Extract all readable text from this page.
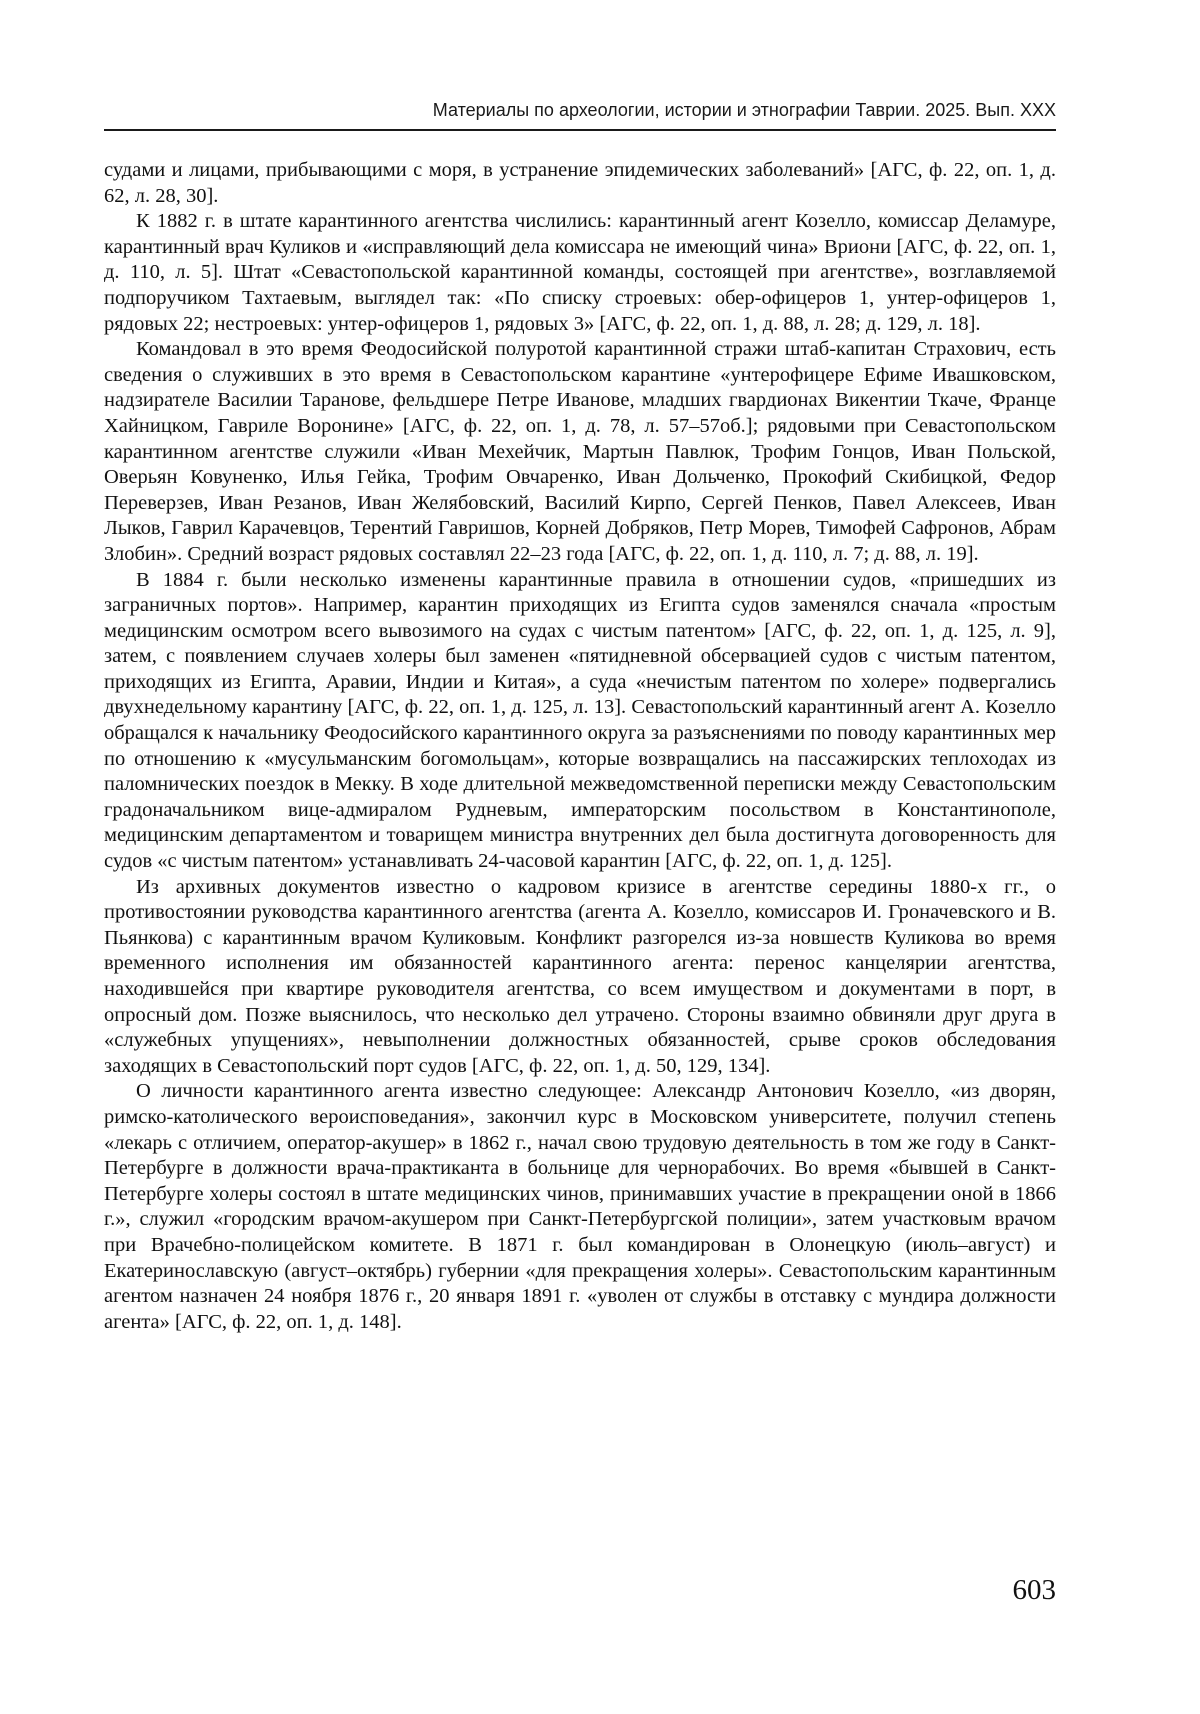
Материалы по археологии, истории и этнографии Таврии. 2025. Вып. XXX

судами и лицами, прибывающими с моря, в устранение эпидемических заболеваний» [АГС, ф. 22, оп. 1, д. 62, л. 28, 30].

К 1882 г. в штате карантинного агентства числились: карантинный агент Козелло, комиссар Деламуре, карантинный врач Куликов и «исправляющий дела комиссара не имеющий чина» Вриони [АГС, ф. 22, оп. 1, д. 110, л. 5]. Штат «Севастопольской карантинной команды, состоящей при агентстве», возглавляемой подпоручиком Тахтаевым, выглядел так: «По списку строевых: обер-офицеров 1, унтер-офицеров 1, рядовых 22; нестроевых: унтер-офицеров 1, рядовых 3» [АГС, ф. 22, оп. 1, д. 88, л. 28; д. 129, л. 18].

Командовал в это время Феодосийской полуротой карантинной стражи штаб-капитан Страхович, есть сведения о служивших в это время в Севастопольском карантине «унтерофицере Ефиме Ивашковском, надзирателе Василии Таранове, фельдшере Петре Иванове, младших гвардионах Викентии Ткаче, Франце Хайницком, Гавриле Воронине» [АГС, ф. 22, оп. 1, д. 78, л. 57–57об.]; рядовыми при Севастопольском карантинном агентстве служили «Иван Мехейчик, Мартын Павлюк, Трофим Гонцов, Иван Польской, Оверьян Ковуненко, Илья Гейка, Трофим Овчаренко, Иван Дольченко, Прокофий Скибицкой, Федор Переверзев, Иван Резанов, Иван Желябовский, Василий Кирпо, Сергей Пенков, Павел Алексеев, Иван Лыков, Гаврил Карачевцов, Терентий Гавришов, Корней Добряков, Петр Морев, Тимофей Сафронов, Абрам Злобин». Средний возраст рядовых составлял 22–23 года [АГС, ф. 22, оп. 1, д. 110, л. 7; д. 88, л. 19].

В 1884 г. были несколько изменены карантинные правила в отношении судов, «пришедших из заграничных портов». Например, карантин приходящих из Египта судов заменялся сначала «простым медицинским осмотром всего вывозимого на судах с чистым патентом» [АГС, ф. 22, оп. 1, д. 125, л. 9], затем, с появлением случаев холеры был заменен «пятидневной обсервацией судов с чистым патентом, приходящих из Египта, Аравии, Индии и Китая», а суда «нечистым патентом по холере» подвергались двухнедельному карантину [АГС, ф. 22, оп. 1, д. 125, л. 13]. Севастопольский карантинный агент А. Козелло обращался к начальнику Феодосийского карантинного округа за разъяснениями по поводу карантинных мер по отношению к «мусульманским богомольцам», которые возвращались на пассажирских теплоходах из паломнических поездок в Мекку. В ходе длительной межведомственной переписки между Севастопольским градоначальником вице-адмиралом Рудневым, императорским посольством в Константинополе, медицинским департаментом и товарищем министра внутренних дел была достигнута договоренность для судов «с чистым патентом» устанавливать 24-часовой карантин [АГС, ф. 22, оп. 1, д. 125].

Из архивных документов известно о кадровом кризисе в агентстве середины 1880-х гг., о противостоянии руководства карантинного агентства (агента А. Козелло, комиссаров И. Гроначевского и В. Пьянкова) с карантинным врачом Куликовым. Конфликт разгорелся из-за новшеств Куликова во время временного исполнения им обязанностей карантинного агента: перенос канцелярии агентства, находившейся при квартире руководителя агентства, со всем имуществом и документами в порт, в опросный дом. Позже выяснилось, что несколько дел утрачено. Стороны взаимно обвиняли друг друга в «служебных упущениях», невыполнении должностных обязанностей, срыве сроков обследования заходящих в Севастопольский порт судов [АГС, ф. 22, оп. 1, д. 50, 129, 134].

О личности карантинного агента известно следующее: Александр Антонович Козелло, «из дворян, римско-католического вероисповедания», закончил курс в Московском университете, получил степень «лекарь с отличием, оператор-акушер» в 1862 г., начал свою трудовую деятельность в том же году в Санкт-Петербурге в должности врача-практиканта в больнице для чернорабочих. Во время «бывшей в Санкт-Петербурге холеры состоял в штате медицинских чинов, принимавших участие в прекращении оной в 1866 г.», служил «городским врачом-акушером при Санкт-Петербургской полиции», затем участковым врачом при Врачебно-полицейском комитете. В 1871 г. был командирован в Олонецкую (июль–август) и Екатеринославскую (август–октябрь) губернии «для прекращения холеры». Севастопольским карантинным агентом назначен 24 ноября 1876 г., 20 января 1891 г. «уволен от службы в отставку с мундира должности агента» [АГС, ф. 22, оп. 1, д. 148].

603
